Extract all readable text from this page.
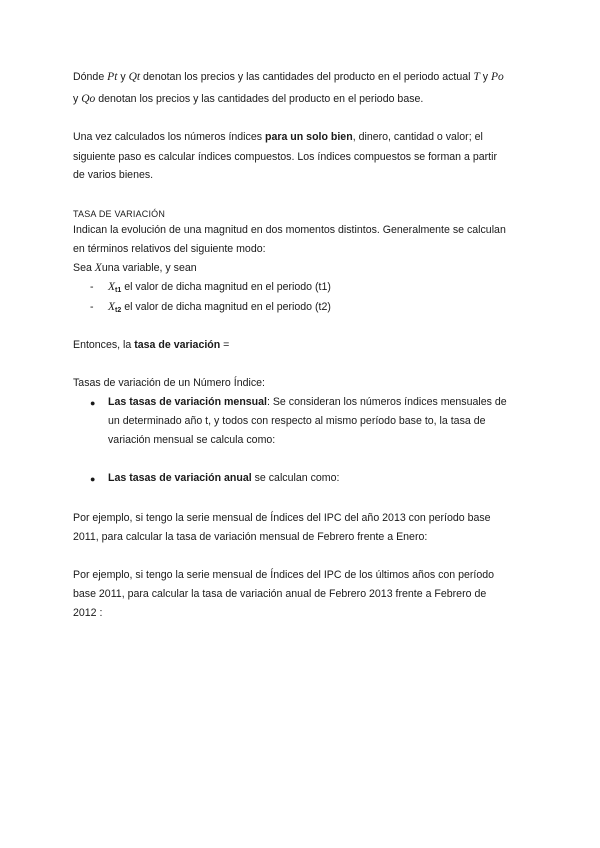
Dónde Pt y Qt denotan los precios y las cantidades del producto en el periodo actual T y Po
y Qo denotan los precios y las cantidades del producto en el periodo base.
Una vez calculados los números índices para un solo bien, dinero, cantidad o valor; el
siguiente paso es calcular índices compuestos. Los índices compuestos se forman a partir
de varios bienes.
TASA DE VARIACIÓN
Indican la evolución de una magnitud en dos momentos distintos. Generalmente se calculan
en términos relativos del siguiente modo:
Sea Xuna variable, y sean
- $X_{t1}$ el valor de dicha magnitud en el periodo (t1)
- $X_{t2}$ el valor de dicha magnitud en el periodo (t2)
Entonces, la tasa de variación =
Tasas de variación de un Número Índice:
● Las tasas de variación mensual: Se consideran los números índices mensuales de
un determinado año t, y todos con respecto al mismo período base to, la tasa de
variación mensual se calcula como:
● Las tasas de variación anual se calculan como:
Por ejemplo, si tengo la serie mensual de Índices del IPC del año 2013 con período base
2011, para calcular la tasa de variación mensual de Febrero frente a Enero:
Por ejemplo, si tengo la serie mensual de Índices del IPC de los últimos años con período
base 2011, para calcular la tasa de variación anual de Febrero 2013 frente a Febrero de
2012 :
